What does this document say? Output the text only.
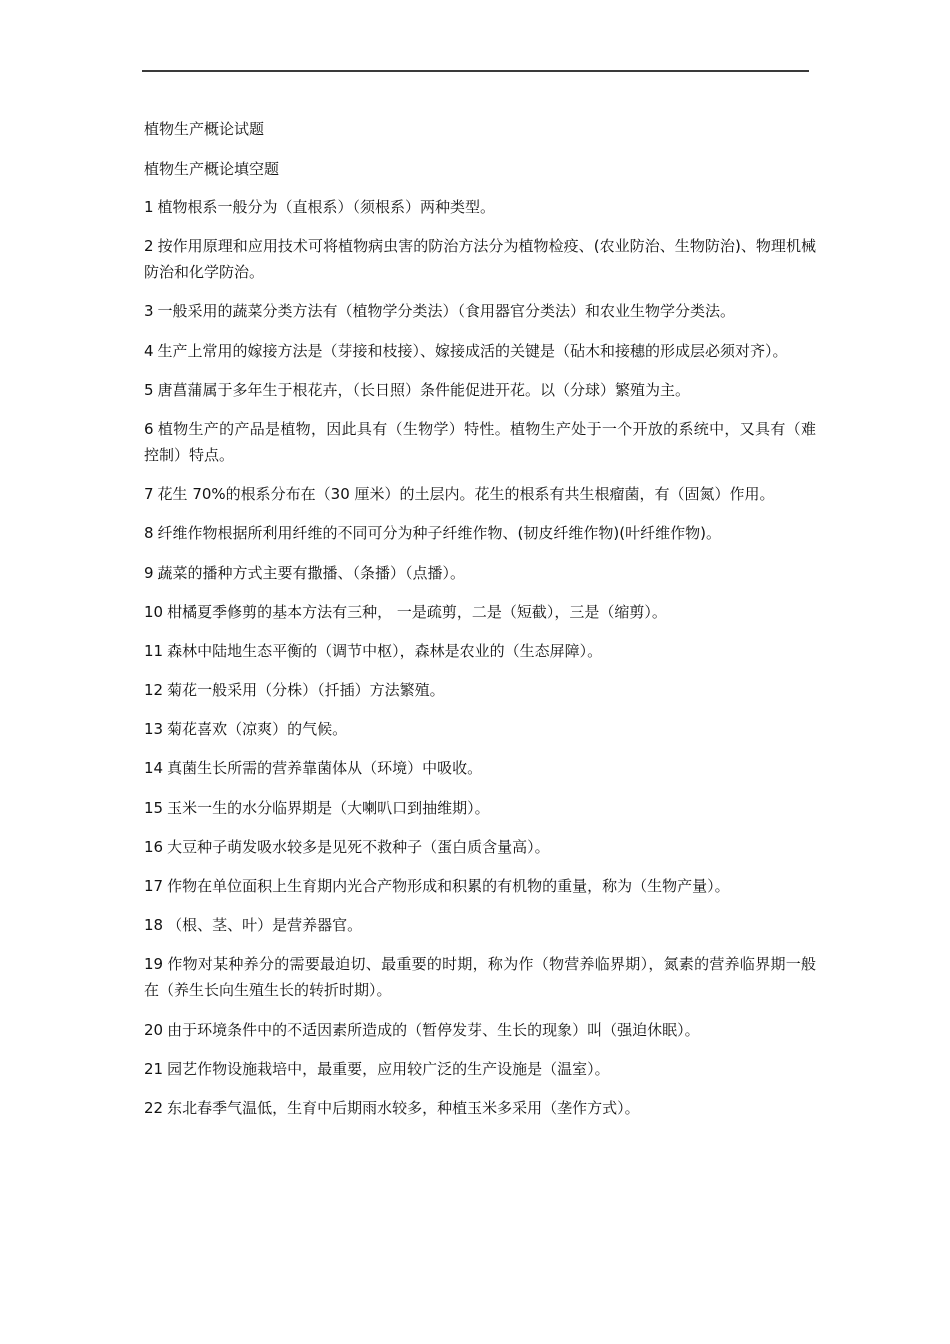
植物生产概论试题
植物生产概论填空题
1 植物根系一般分为（直根系）（须根系）两种类型。
2 按作用原理和应用技术可将植物病虫害的防治方法分为植物检疫、(农业防治、生物防治)、物理机械防治和化学防治。
3 一般采用的蔬菜分类方法有（植物学分类法）（食用器官分类法）和农业生物学分类法。
4 生产上常用的嫁接方法是（芽接和枝接）、嫁接成活的关键是（砧木和接穗的形成层必须对齐）。
5 唐菖蒲属于多年生于根花卉，（长日照）条件能促进开花。以（分球）繁殖为主。
6 植物生产的产品是植物，因此具有（生物学）特性。植物生产处于一个开放的系统中，又具有（难控制）特点。
7 花生 70%的根系分布在（30 厘米）的土层内。花生的根系有共生根瘤菌，有（固氮）作用。
8 纤维作物根据所利用纤维的不同可分为种子纤维作物、(韧皮纤维作物)(叶纤维作物)。
9 蔬菜的播种方式主要有撒播、（条播）（点播）。
10 柑橘夏季修剪的基本方法有三种， 一是疏剪，二是（短截），三是（缩剪）。
11 森林中陆地生态平衡的（调节中枢），森林是农业的（生态屏障）。
12 菊花一般采用（分株）（扦插）方法繁殖。
13 菊花喜欢（凉爽）的气候。
14 真菌生长所需的营养靠菌体从（环境）中吸收。
15 玉米一生的水分临界期是（大喇叭口到抽维期）。
16 大豆种子萌发吸水较多是见死不救种子（蛋白质含量高）。
17 作物在单位面积上生育期内光合产物形成和积累的有机物的重量，称为（生物产量）。
18 （根、茎、叶）是营养器官。
19 作物对某种养分的需要最迫切、最重要的时期，称为作（物营养临界期），氮素的营养临界期一般在（养生长向生殖生长的转折时期）。
20 由于环境条件中的不适因素所造成的（暂停发芽、生长的现象）叫（强迫休眠）。
21 园艺作物设施栽培中，最重要，应用较广泛的生产设施是（温室）。
22 东北春季气温低，生育中后期雨水较多，种植玉米多采用（垄作方式）。
